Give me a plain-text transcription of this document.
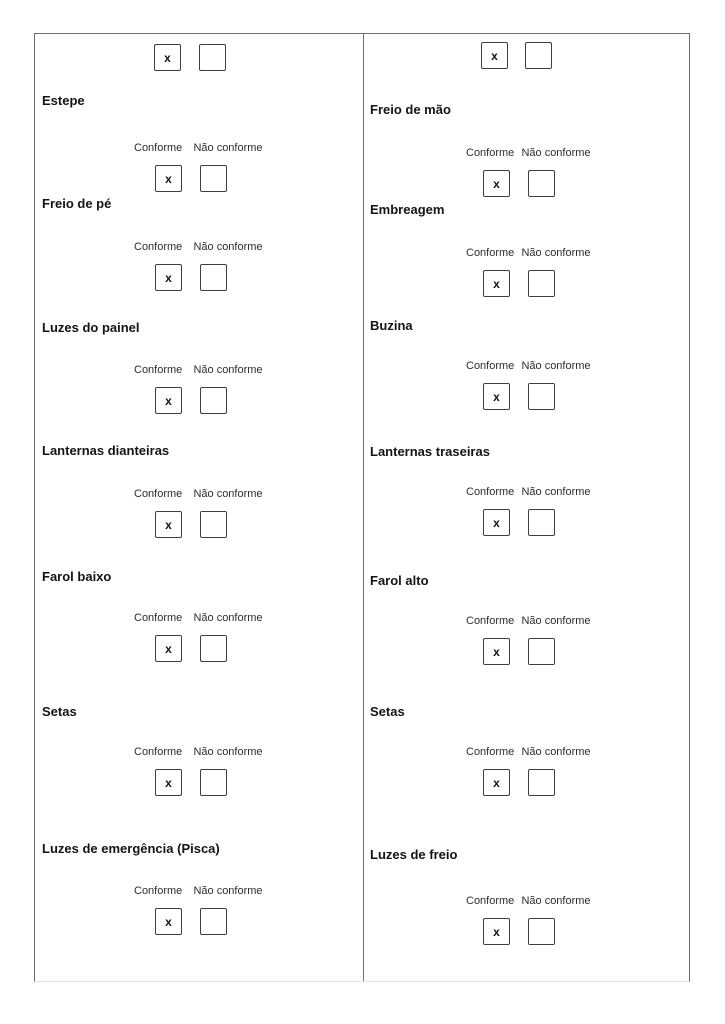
x
Estepe
Conforme Não conforme
x
Freio de pé
Conforme Não conforme
x
Luzes do painel
Conforme Não conforme
x
Lanternas dianteiras
Conforme Não conforme
x
Farol baixo
Conforme Não conforme
x
Setas
Conforme Não conforme
x
Luzes de emergência (Pisca)
Conforme Não conforme
x
x
Freio de mão
Conforme Não conforme
x
Embreagem
Conforme Não conforme
x
Buzina
Conforme Não conforme
x
Lanternas traseiras
Conforme Não conforme
x
Farol alto
Conforme Não conforme
x
Setas
Conforme Não conforme
x
Luzes de freio
Conforme Não conforme
x
